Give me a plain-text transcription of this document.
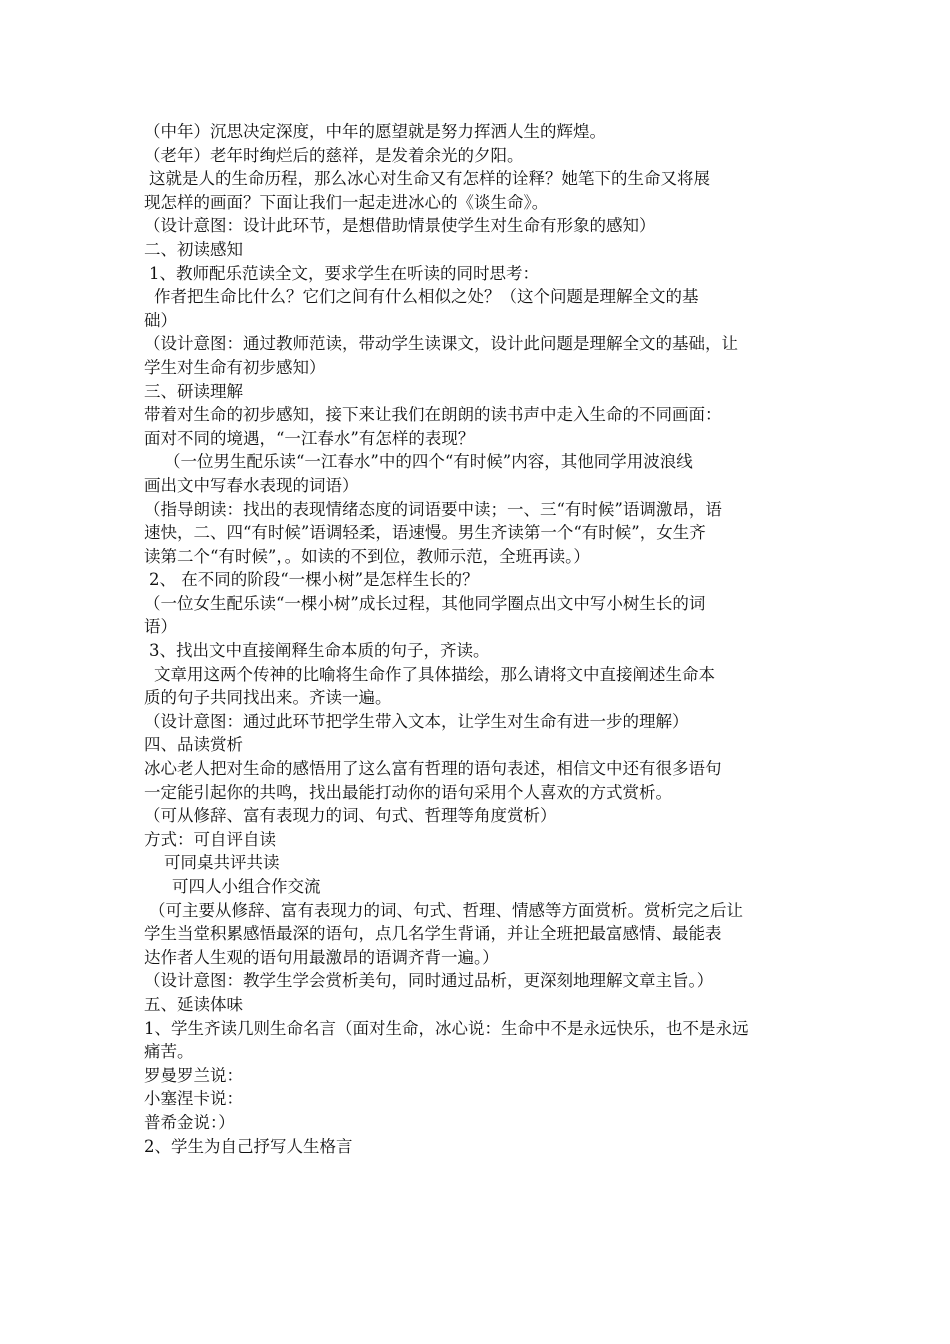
（中年）沉思决定深度，中年的愿望就是努力挥洒人生的辉煌。
（老年）老年时绚烂后的慈祥，是发着余光的夕阳。
这就是人的生命历程，那么冰心对生命又有怎样的诠释？她笔下的生命又将展
现怎样的画面？下面让我们一起走进冰心的《谈生命》。
（设计意图：设计此环节，是想借助情景使学生对生命有形象的感知）
二、初读感知
1、教师配乐范读全文，要求学生在听读的同时思考：
作者把生命比什么？它们之间有什么相似之处？（这个问题是理解全文的基
础）
（设计意图：通过教师范读，带动学生读课文，设计此问题是理解全文的基础，让
学生对生命有初步感知）
三、研读理解
带着对生命的初步感知，接下来让我们在朗朗的读书声中走入生命的不同画面：
面对不同的境遇，“一江春水”有怎样的表现？
（一位男生配乐读“一江春水”中的四个“有时候”内容，其他同学用波浪线
画出文中写春水表现的词语）
（指导朗读：找出的表现情绪态度的词语要中读；一、三“有时候”语调激昂，语
速快，二、四“有时候”语调轻柔，语速慢。男生齐读第一个“有时候”，女生齐
读第二个“有时候”，。如读的不到位，教师示范，全班再读。）
2、 在不同的阶段“一棵小树”是怎样生长的？
（一位女生配乐读“一棵小树”成长过程，其他同学圈点出文中写小树生长的词
语）
3、找出文中直接阐释生命本质的句子，齐读。
文章用这两个传神的比喻将生命作了具体描绘，那么请将文中直接阐述生命本
质的句子共同找出来。齐读一遍。
（设计意图：通过此环节把学生带入文本，让学生对生命有进一步的理解）
四、品读赏析
冰心老人把对生命的感悟用了这么富有哲理的语句表述，相信文中还有很多语句
一定能引起你的共鸣，找出最能打动你的语句采用个人喜欢的方式赏析。
（可从修辞、富有表现力的词、句式、哲理等角度赏析）
方式：可自评自读
可同桌共评共读
可四人小组合作交流
（可主要从修辞、富有表现力的词、句式、哲理、情感等方面赏析。赏析完之后让
学生当堂积累感悟最深的语句，点几名学生背诵，并让全班把最富感情、最能表
达作者人生观的语句用最激昂的语调齐背一遍。）
（设计意图：教学生学会赏析美句，同时通过品析，更深刻地理解文章主旨。）
五、延读体味
1、学生齐读几则生命名言（面对生命，冰心说：生命中不是永远快乐，也不是永远
痛苦。
罗曼罗兰说：
小塞涅卡说：
普希金说：）
2、学生为自己抒写人生格言
